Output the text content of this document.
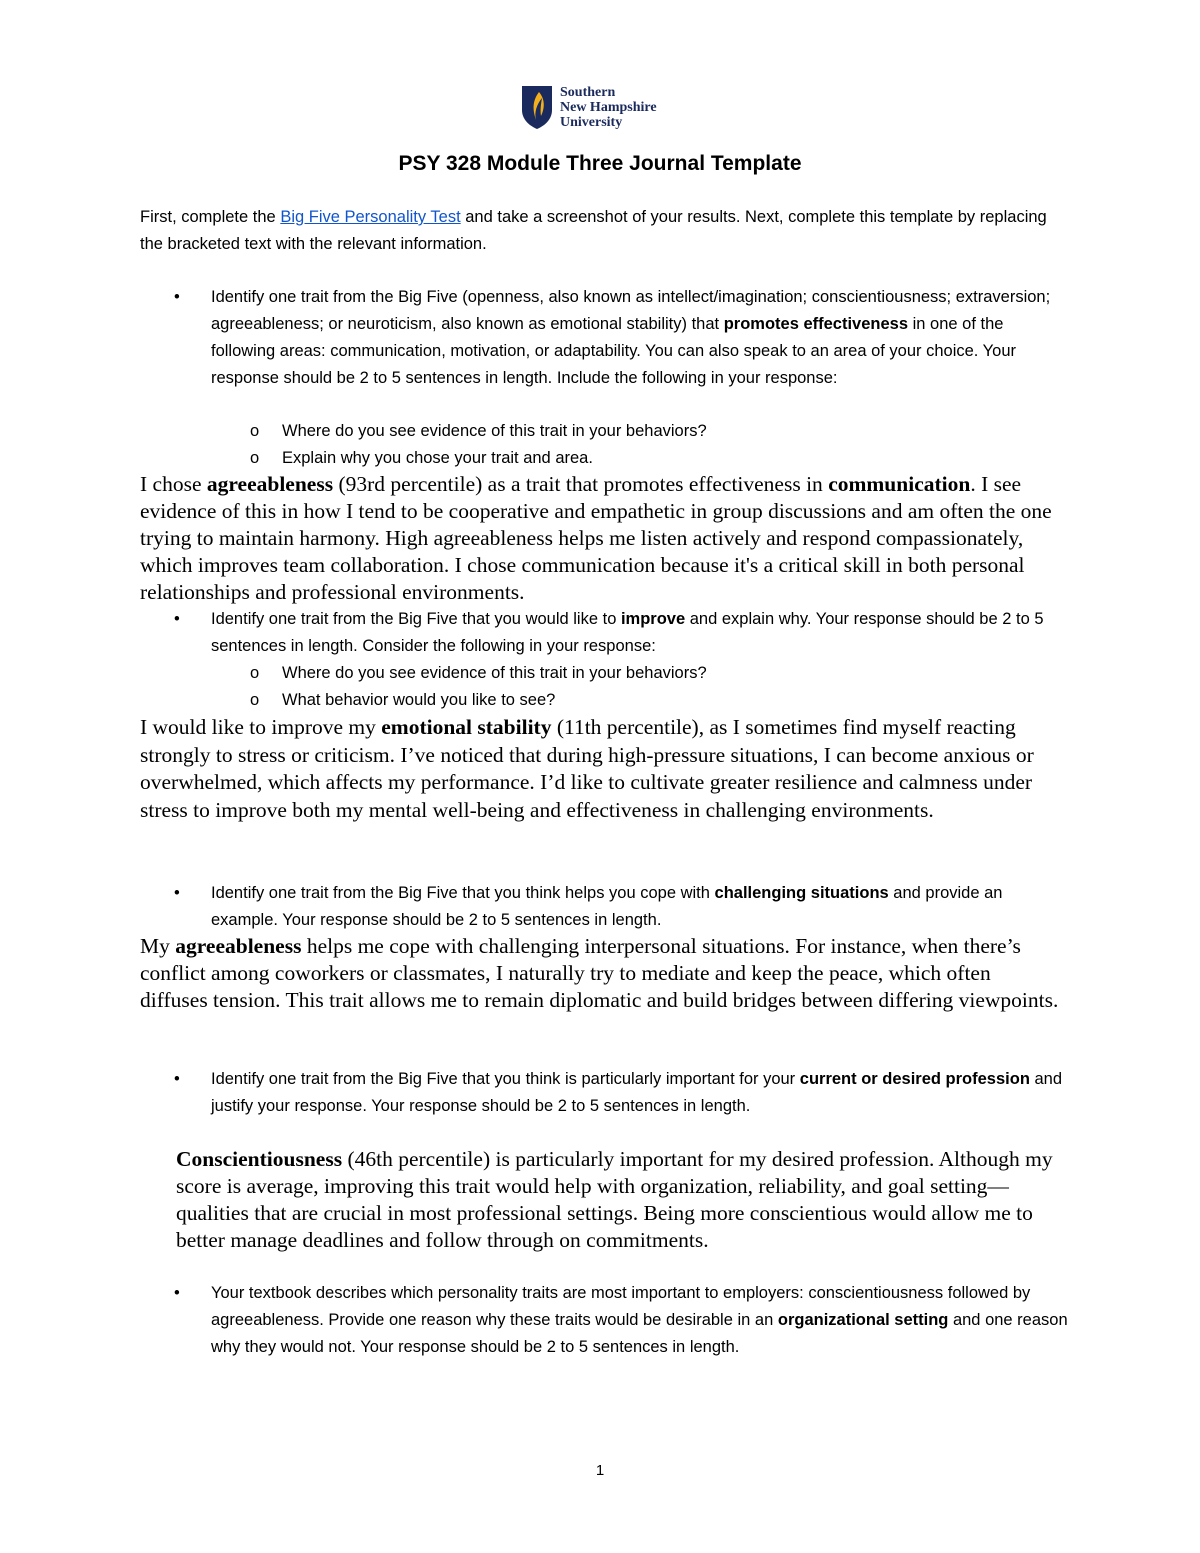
Southern
New Hampshire
University
PSY 328 Module Three Journal Template
First, complete the Big Five Personality Test and take a screenshot of your results. Next, complete this template by replacing the bracketed text with the relevant information.
• Identify one trait from the Big Five (openness, also known as intellect/imagination; conscientiousness; extraversion; agreeableness; or neuroticism, also known as emotional stability) that promotes effectiveness in one of the following areas: communication, motivation, or adaptability. You can also speak to an area of your choice. Your response should be 2 to 5 sentences in length. Include the following in your response:
o Where do you see evidence of this trait in your behaviors?
o Explain why you chose your trait and area.
I chose agreeableness (93rd percentile) as a trait that promotes effectiveness in communication. I see evidence of this in how I tend to be cooperative and empathetic in group discussions and am often the one trying to maintain harmony. High agreeableness helps me listen actively and respond compassionately, which improves team collaboration. I chose communication because it's a critical skill in both personal relationships and professional environments.
• Identify one trait from the Big Five that you would like to improve and explain why. Your response should be 2 to 5 sentences in length. Consider the following in your response:
o Where do you see evidence of this trait in your behaviors?
o What behavior would you like to see?
I would like to improve my emotional stability (11th percentile), as I sometimes find myself reacting strongly to stress or criticism. I’ve noticed that during high-pressure situations, I can become anxious or overwhelmed, which affects my performance. I’d like to cultivate greater resilience and calmness under stress to improve both my mental well-being and effectiveness in challenging environments.
• Identify one trait from the Big Five that you think helps you cope with challenging situations and provide an example. Your response should be 2 to 5 sentences in length.
My agreeableness helps me cope with challenging interpersonal situations. For instance, when there’s conflict among coworkers or classmates, I naturally try to mediate and keep the peace, which often diffuses tension. This trait allows me to remain diplomatic and build bridges between differing viewpoints.
• Identify one trait from the Big Five that you think is particularly important for your current or desired profession and justify your response. Your response should be 2 to 5 sentences in length.
Conscientiousness (46th percentile) is particularly important for my desired profession. Although my score is average, improving this trait would help with organization, reliability, and goal setting—qualities that are crucial in most professional settings. Being more conscientious would allow me to better manage deadlines and follow through on commitments.
• Your textbook describes which personality traits are most important to employers: conscientiousness followed by agreeableness. Provide one reason why these traits would be desirable in an organizational setting and one reason why they would not. Your response should be 2 to 5 sentences in length.
1
